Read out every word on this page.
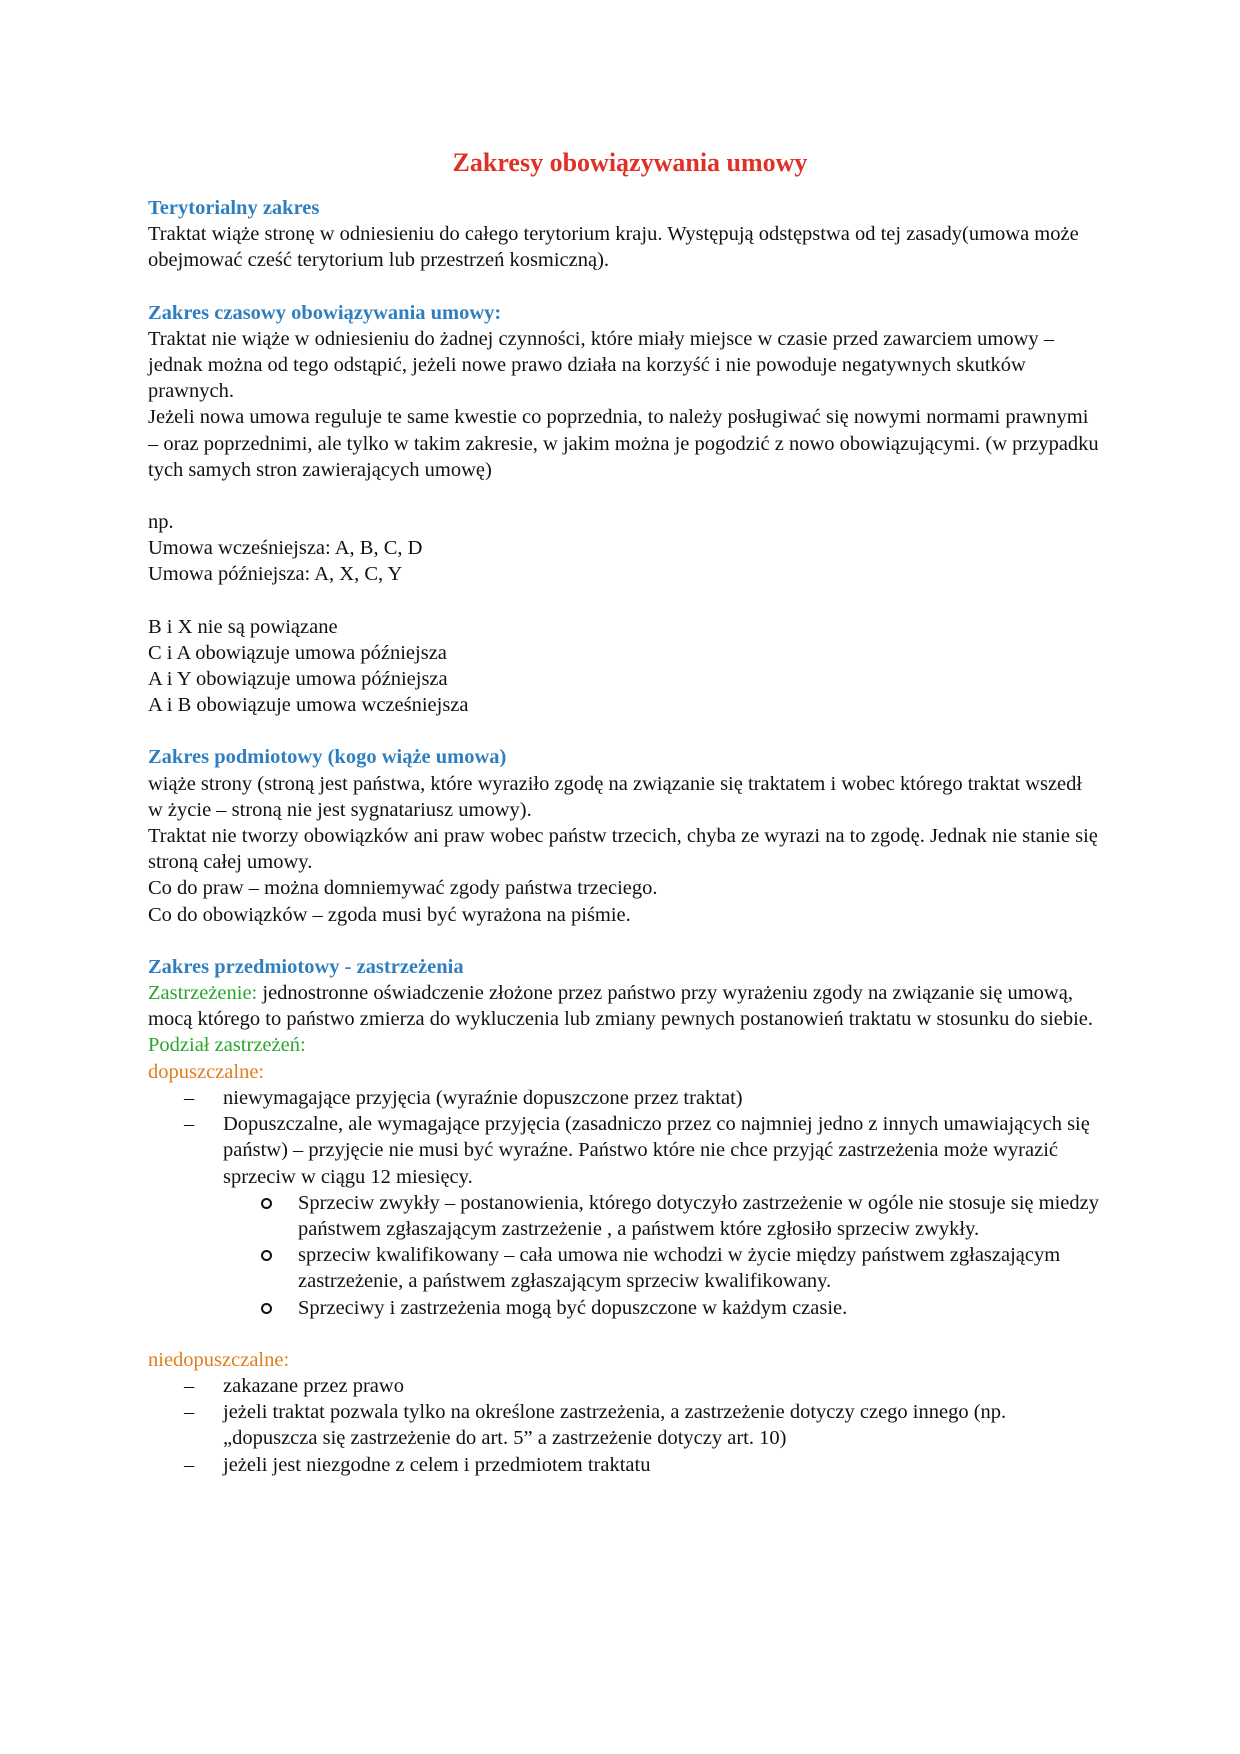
Zakresy obowiązywania umowy

Terytorialny zakres

Traktat wiąże stronę w odniesieniu do całego terytorium kraju. Występują odstępstwa od tej zasady(umowa może obejmować cześć terytorium lub przestrzeń kosmiczną).

Zakres czasowy obowiązywania umowy:

Traktat nie wiąże w odniesieniu do żadnej czynności, które miały miejsce w czasie przed zawarciem umowy – jednak można od tego odstąpić, jeżeli nowe prawo działa na korzyść i nie powoduje negatywnych skutków prawnych.

Jeżeli nowa umowa reguluje te same kwestie co poprzednia, to należy posługiwać się nowymi normami prawnymi – oraz poprzednimi, ale tylko w takim zakresie, w jakim można je pogodzić z nowo obowiązującymi. (w przypadku tych samych stron zawierających umowę)

np.

Umowa wcześniejsza: A, B, C, D

Umowa późniejsza: A, X, C, Y

B i X nie są powiązane

C i A obowiązuje umowa późniejsza

A i Y obowiązuje umowa późniejsza

A i B obowiązuje umowa wcześniejsza

Zakres podmiotowy (kogo wiąże umowa)

wiąże strony (stroną jest państwa, które wyraziło zgodę na związanie się traktatem i wobec którego traktat wszedł w życie – stroną nie jest sygnatariusz umowy).

Traktat nie tworzy obowiązków ani praw wobec państw trzecich, chyba ze wyrazi na to zgodę. Jednak nie stanie się stroną całej umowy.

Co do praw – można domniemywać zgody państwa trzeciego.

Co do obowiązków – zgoda musi być wyrażona na piśmie.

Zakres przedmiotowy - zastrzeżenia

Zastrzeżenie: jednostronne oświadczenie złożone przez państwo przy wyrażeniu zgody na związanie się umową, mocą którego to państwo zmierza do wykluczenia lub zmiany pewnych postanowień traktatu w stosunku do siebie.

Podział zastrzeżeń:

dopuszczalne:

– niewymagające przyjęcia (wyraźnie dopuszczone przez traktat)
– Dopuszczalne, ale wymagające przyjęcia (zasadniczo przez co najmniej jedno z innych umawiających się państw) – przyjęcie nie musi być wyraźne. Państwo które nie chce przyjąć zastrzeżenia może wyrazić sprzeciw w ciągu 12 miesięcy.
Sprzeciw zwykły – postanowienia, którego dotyczyło zastrzeżenie w ogóle nie stosuje się miedzy państwem zgłaszającym zastrzeżenie , a państwem które zgłosiło sprzeciw zwykły.
sprzeciw kwalifikowany – cała umowa nie wchodzi w życie między państwem zgłaszającym zastrzeżenie, a państwem zgłaszającym sprzeciw kwalifikowany.
Sprzeciwy i zastrzeżenia mogą być dopuszczone w każdym czasie.

niedopuszczalne:

– zakazane przez prawo
– jeżeli traktat pozwala tylko na określone zastrzeżenia, a zastrzeżenie dotyczy czego innego (np. „dopuszcza się zastrzeżenie do art. 5” a zastrzeżenie dotyczy art. 10)
– jeżeli jest niezgodne z celem i przedmiotem traktatu
